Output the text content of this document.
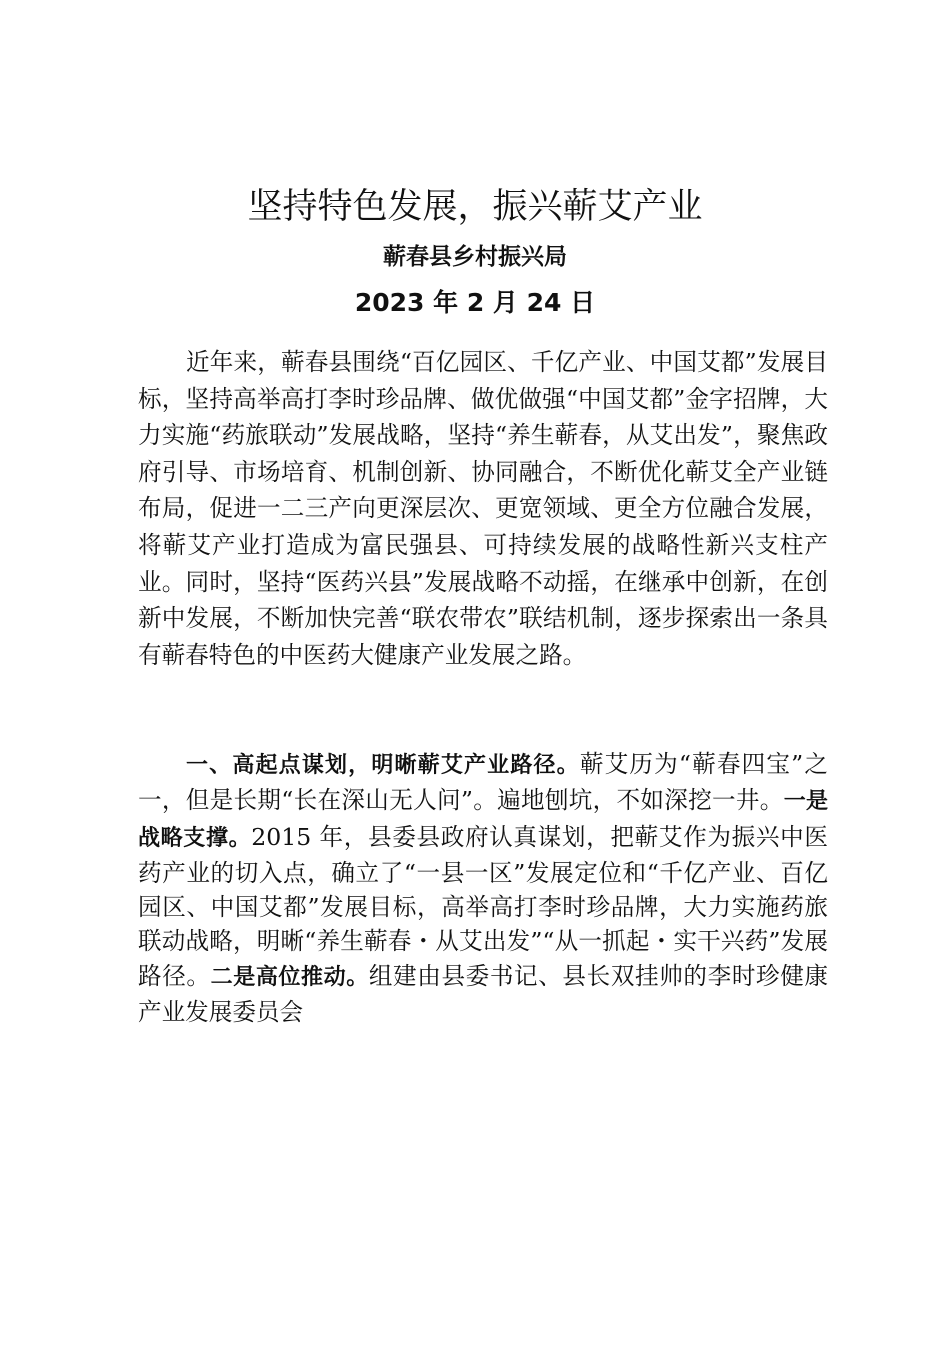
坚持特色发展，振兴蕲艾产业
蕲春县乡村振兴局
2023 年 2 月 24 日

近年来，蕲春县围绕“百亿园区、千亿产业、中国艾都”发展目标，坚持高举高打李时珍品牌、做优做强“中国艾都”金字招牌，大力实施“药旅联动”发展战略，坚持“养生蕲春，从艾出发”，聚焦政府引导、市场培育、机制创新、协同融合，不断优化蕲艾全产业链布局，促进一二三产向更深层次、更宽领域、更全方位融合发展，将蕲艾产业打造成为富民强县、可持续发展的战略性新兴支柱产业。同时，坚持“医药兴县”发展战略不动摇，在继承中创新，在创新中发展，不断加快完善“联农带农”联结机制，逐步探索出一条具有蕲春特色的中医药大健康产业发展之路。

一、高起点谋划，明晰蕲艾产业路径。蕲艾历为“蕲春四宝”之一，但是长期“长在深山无人问”。遍地刨坑，不如深挖一井。一是战略支撑。2015 年，县委县政府认真谋划，把蕲艾作为振兴中医药产业的切入点，确立了“一县一区”发展定位和“千亿产业、百亿园区、中国艾都”发展目标，高举高打李时珍品牌，大力实施药旅联动战略，明晰“养生蕲春・从艾出发”“从一抓起・实干兴药”发展路径。二是高位推动。组建由县委书记、县长双挂帅的李时珍健康产业发展委员会
